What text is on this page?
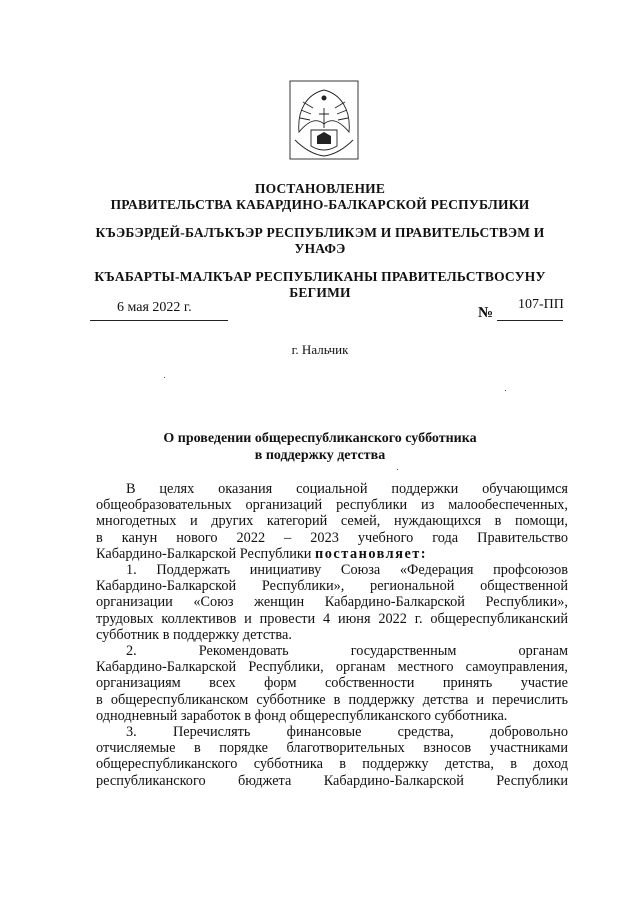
ПОСТАНОВЛЕНИЕ
ПРАВИТЕЛЬСТВА КАБАРДИНО-БАЛКАРСКОЙ РЕСПУБЛИКИ
КЪЭБЭРДЕЙ-БАЛЪКЪЭР РЕСПУБЛИКЭМ И ПРАВИТЕЛЬСТВЭМ И
УНАФЭ
КЪАБАРТЫ-МАЛКЪАР РЕСПУБЛИКАНЫ ПРАВИТЕЛЬСТВОСУНУ
БЕГИМИ
6 мая 2022 г.	№
107-ПП
г. Нальчик
О проведении общереспубликанского субботника
в поддержку детства

В целях оказания социальной поддержки обучающимся

общеобразовательных организаций республики из малообеспеченных,

многодетных и других категорий семей, нуждающихся в помощи,

в канун нового 2022 – 2023 учебного года Правительство

Кабардино-Балкарской Республики постановляет:

1. Поддержать инициативу Союза «Федерация профсоюзов

Кабардино-Балкарской Республики», региональной общественной

организации «Союз женщин Кабардино-Балкарской Республики»,

трудовых коллективов и провести 4 июня 2022 г. общереспубликанский

субботник в поддержку детства.

2. Рекомендовать государственным органам

Кабардино-Балкарской Республики, органам местного самоуправления,

организациям всех форм собственности принять участие

в общереспубликанском субботнике в поддержку детства и перечислить

однодневный заработок в фонд общереспубликанского субботника.

3. Перечислять финансовые средства, добровольно

отчисляемые в порядке благотворительных взносов участниками

общереспубликанского субботника в поддержку детства, в доход

республиканского бюджета Кабардино-Балкарской Республики
